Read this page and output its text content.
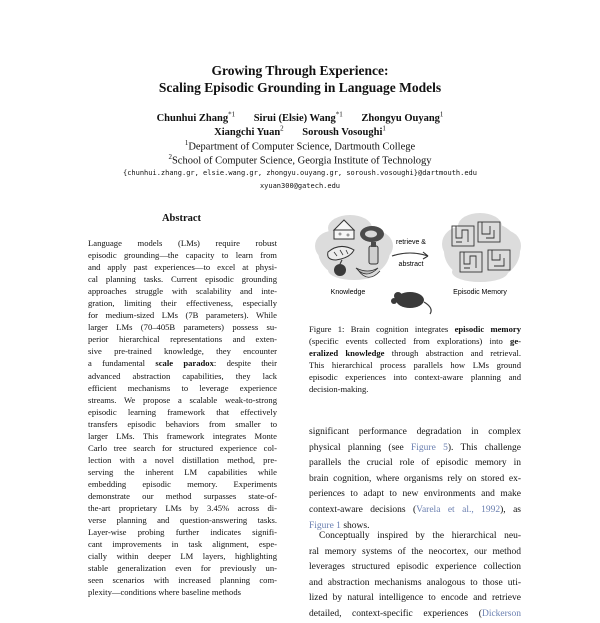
Growing Through Experience:
Scaling Episodic Grounding in Language Models
Chunhui Zhang$^{*1}$ Sirui (Elsie) Wang$^{*1}$ Zhongyu Ouyang$^1$
Xiangchi Yuan$^2$ Soroush Vosoughi$^1$
$^1$Department of Computer Science, Dartmouth College
$^2$School of Computer Science, Georgia Institute of Technology
{chunhui.zhang.gr, elsie.wang.gr, zhongyu.ouyang.gr, soroush.vosoughi}@dartmouth.edu
xyuan300@gatech.edu
Abstract
Language models (LMs) require robust
episodic grounding—the capacity to learn from
and apply past experiences—to excel at physi-
cal planning tasks. Current episodic grounding
approaches struggle with scalability and inte-
gration, limiting their effectiveness, especially
for medium-sized LMs (7B parameters). While
larger LMs (70–405B parameters) possess su-
perior hierarchical representations and exten-
sive pre-trained knowledge, they encounter
a fundamental scale paradox: despite their
advanced abstraction capabilities, they lack
efficient mechanisms to leverage experience
streams. We propose a scalable weak-to-strong
episodic learning framework that effectively
transfers episodic behaviors from smaller to
larger LMs. This framework integrates Monte
Carlo tree search for structured experience col-
lection with a novel distillation method, pre-
serving the inherent LM capabilities while
embedding episodic memory. Experiments
demonstrate our method surpasses state-of-
the-art proprietary LMs by 3.45% across di-
verse planning and question-answering tasks.
Layer-wise probing further indicates signifi-
cant improvements in task alignment, espe-
cially within deeper LM layers, highlighting
stable generalization even for previously un-
seen scenarios with increased planning com-
plexity—conditions where baseline methods
retrieve &
abstract
Knowledge	Episodic Memory
Figure 1: Brain cognition integrates episodic memory
(specific events collected from explorations) into ge-
eralized knowledge through abstraction and retrieval.
This hierarchical process parallels how LMs ground
episodic experiences into context-aware planning and
decision-making.
significant performance degradation in complex
physical planning (see Figure 5). This challenge
parallels the crucial role of episodic memory in
brain cognition, where organisms rely on stored ex-
periences to adapt to new environments and make
context-aware decisions (Varela et al., 1992), as
Figure 1 shows.
Conceptually inspired by the hierarchical neu-
ral memory systems of the neocortex, our method
leverages structured episodic experience collection
and abstraction mechanisms analogous to those uti-
lized by natural intelligence to encode and retrieve
detailed, context-specific experiences (Dickerson
